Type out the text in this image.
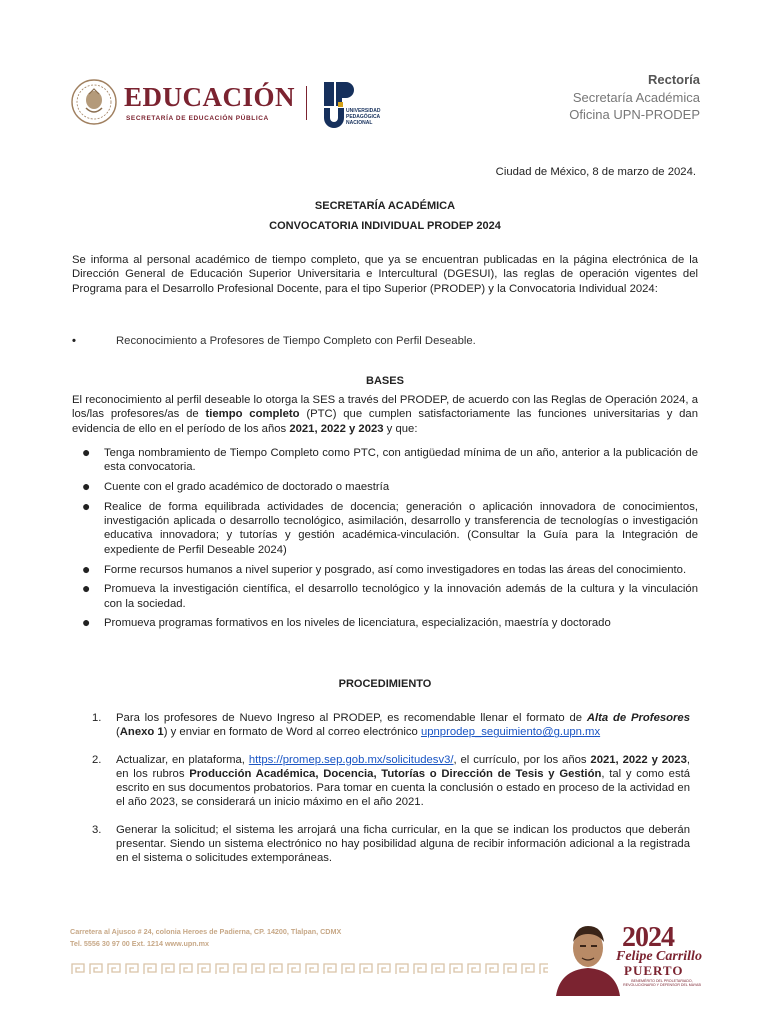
EDUCACIÓN
SECRETARÍA DE EDUCACIÓN PÚBLICA
UNIVERSIDAD
PEDAGÓGICA
NACIONAL
Rectoría
Secretaría Académica
Oficina UPN-PRODEP
Ciudad de México, 8 de marzo de 2024.
SECRETARÍA ACADÉMICA
CONVOCATORIA INDIVIDUAL PRODEP 2024
Se informa al personal académico de tiempo completo, que ya se encuentran publicadas en la página electrónica de la Dirección General de Educación Superior Universitaria e Intercultural (DGESUI), las reglas de operación vigentes del Programa para el Desarrollo Profesional Docente, para el tipo Superior (PRODEP) y la Convocatoria Individual 2024:
•	Reconocimiento a Profesores de Tiempo Completo con Perfil Deseable.
BASES
El reconocimiento al perfil deseable lo otorga la SES a través del PRODEP, de acuerdo con las Reglas de Operación 2024, a los/las profesores/as de tiempo completo (PTC) que cumplen satisfactoriamente las funciones universitarias y dan evidencia de ello en el período de los años 2021, 2022 y 2023 y que:
● Tenga nombramiento de Tiempo Completo como PTC, con antigüedad mínima de un año, anterior a la publicación de esta convocatoria.
● Cuente con el grado académico de doctorado o maestría
● Realice de forma equilibrada actividades de docencia; generación o aplicación innovadora de conocimientos, investigación aplicada o desarrollo tecnológico, asimilación, desarrollo y transferencia de tecnologías o investigación educativa innovadora; y tutorías y gestión académica-vinculación. (Consultar la Guía para la Integración de expediente de Perfil Deseable 2024)
● Forme recursos humanos a nivel superior y posgrado, así como investigadores en todas las áreas del conocimiento.
● Promueva la investigación científica, el desarrollo tecnológico y la innovación además de la cultura y la vinculación con la sociedad.
● Promueva programas formativos en los niveles de licenciatura, especialización, maestría y doctorado
PROCEDIMIENTO
1. Para los profesores de Nuevo Ingreso al PRODEP, es recomendable llenar el formato de Alta de Profesores (Anexo 1) y enviar en formato de Word al correo electrónico upnprodep_seguimiento@g.upn.mx
2. Actualizar, en plataforma, https://promep.sep.gob.mx/solicitudesv3/, el currículo, por los años 2021, 2022 y 2023, en los rubros Producción Académica, Docencia, Tutorías o Dirección de Tesis y Gestión, tal y como está escrito en sus documentos probatorios. Para tomar en cuenta la conclusión o estado en proceso de la actividad en el año 2023, se considerará un inicio máximo en el año 2021.
3. Generar la solicitud; el sistema les arrojará una ficha curricular, en la que se indican los productos que deberán presentar. Siendo un sistema electrónico no hay posibilidad alguna de recibir información adicional a la registrada en el sistema o solicitudes extemporáneas.
Carretera al Ajusco # 24, colonia Heroes de Padierna, CP. 14200, Tlalpan, CDMX
Tel. 5556 30 97 00 Ext. 1214 www.upn.mx	2024
Felipe Carrillo
PUERTO
BENEMÉRITO DEL PROLETARIADO, REVOLUCIONARIO Y DEFENSOR DEL MAYAB
